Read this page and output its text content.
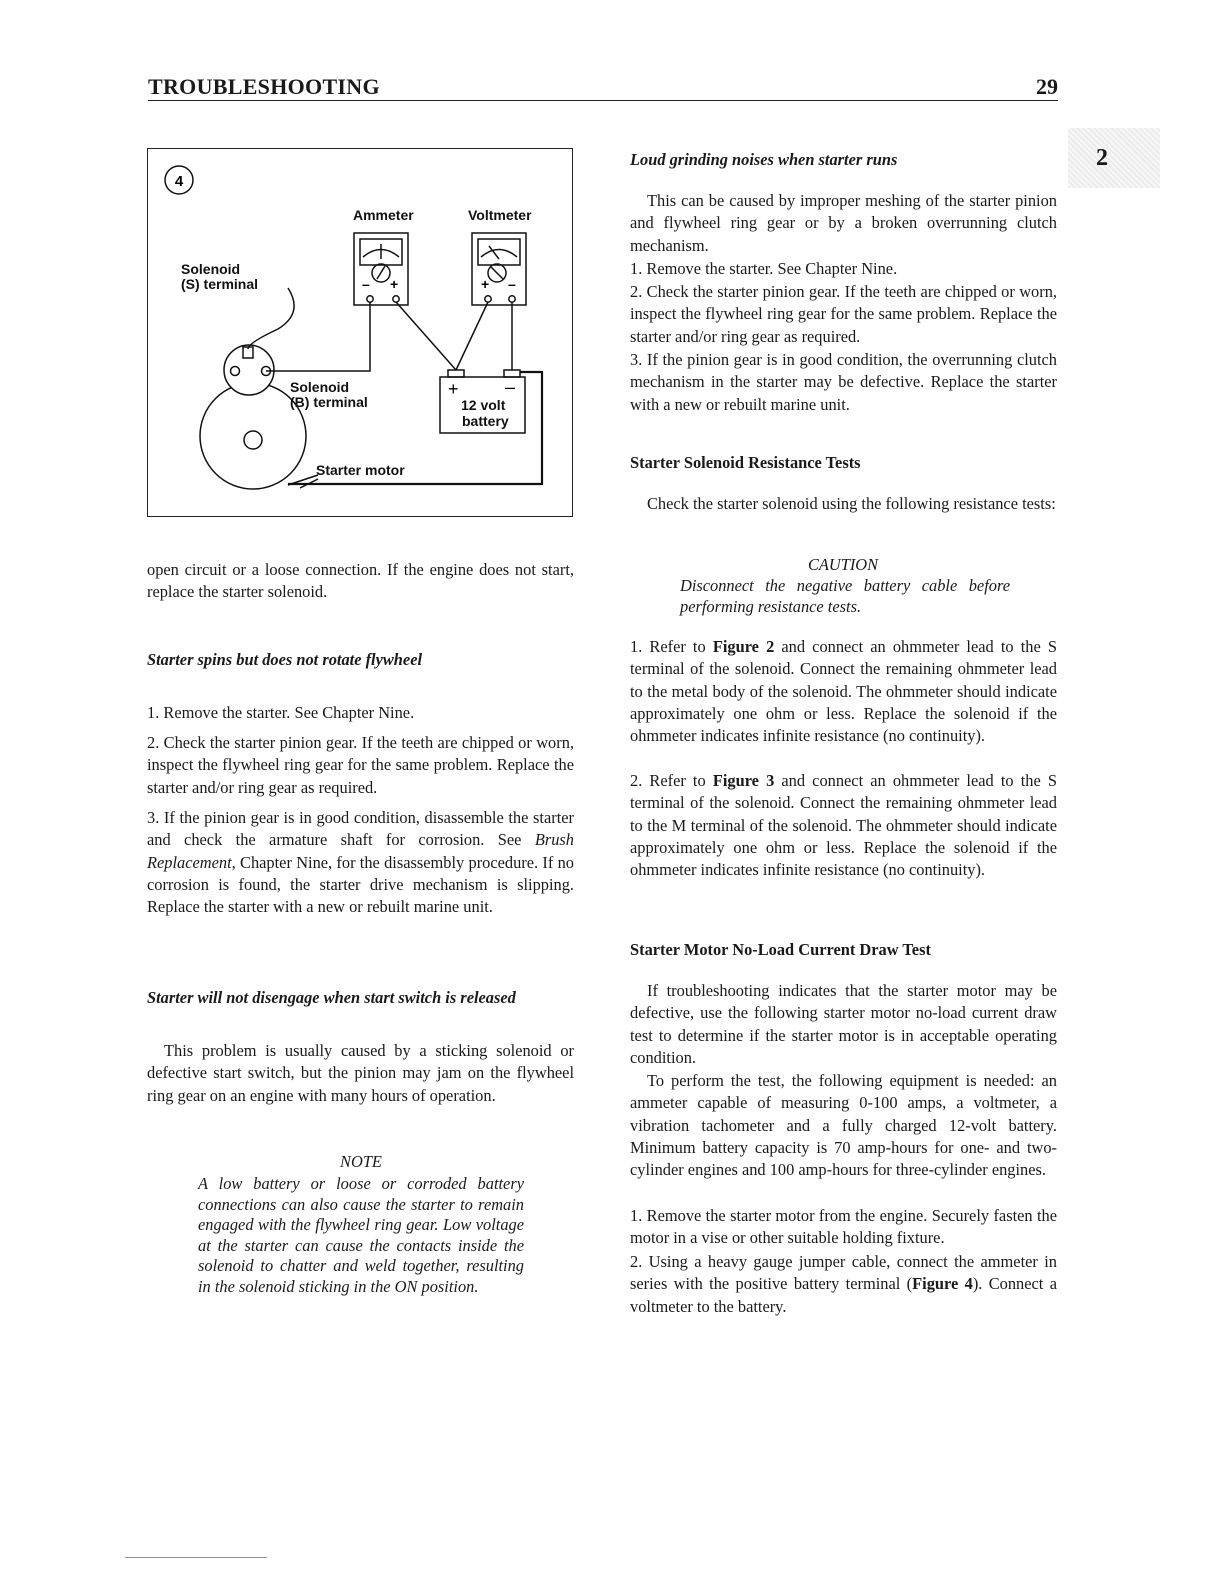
TROUBLESHOOTING	29
2
– +	+ –
+	–
4
Ammeter	Voltmeter
Solenoid
(S) terminal
Solenoid
(B) terminal	12 volt
battery
Starter motor
open circuit or a loose connection. If the engine does not start, replace the starter solenoid.
Starter spins but does not rotate flywheel
1. Remove the starter. See Chapter Nine.
2. Check the starter pinion gear. If the teeth are chipped or worn, inspect the flywheel ring gear for the same problem. Replace the starter and/or ring gear as required.
3. If the pinion gear is in good condition, disassemble the starter and check the armature shaft for corrosion. See Brush Replacement, Chapter Nine, for the disassembly procedure. If no corrosion is found, the starter drive mechanism is slipping. Replace the starter with a new or rebuilt marine unit.
Starter will not disengage when start switch is released
This problem is usually caused by a sticking solenoid or defective start switch, but the pinion may jam on the flywheel ring gear on an engine with many hours of operation.
NOTE
A low battery or loose or corroded battery connections can also cause the starter to remain engaged with the flywheel ring gear. Low voltage at the starter can cause the contacts inside the solenoid to chatter and weld together, resulting in the solenoid sticking in the ON position.
Loud grinding noises when starter runs
This can be caused by improper meshing of the starter pinion and flywheel ring gear or by a broken overrunning clutch mechanism.
1. Remove the starter. See Chapter Nine.
2. Check the starter pinion gear. If the teeth are chipped or worn, inspect the flywheel ring gear for the same problem. Replace the starter and/or ring gear as required.
3. If the pinion gear is in good condition, the overrunning clutch mechanism in the starter may be defective. Replace the starter with a new or rebuilt marine unit.
Starter Solenoid Resistance Tests
Check the starter solenoid using the following resistance tests:
CAUTION
Disconnect the negative battery cable before performing resistance tests.
1. Refer to Figure 2 and connect an ohmmeter lead to the S terminal of the solenoid. Connect the remaining ohmmeter lead to the metal body of the solenoid. The ohmmeter should indicate approximately one ohm or less. Replace the solenoid if the ohmmeter indicates infinite resistance (no continuity).
2. Refer to Figure 3 and connect an ohmmeter lead to the S terminal of the solenoid. Connect the remaining ohmmeter lead to the M terminal of the solenoid. The ohmmeter should indicate approximately one ohm or less. Replace the solenoid if the ohmmeter indicates infinite resistance (no continuity).
Starter Motor No-Load Current Draw Test
If troubleshooting indicates that the starter motor may be defective, use the following starter motor no-load current draw test to determine if the starter motor is in acceptable operating condition.
To perform the test, the following equipment is needed: an ammeter capable of measuring 0-100 amps, a voltmeter, a vibration tachometer and a fully charged 12-volt battery. Minimum battery capacity is 70 amp-hours for one- and two-cylinder engines and 100 amp-hours for three-cylinder engines.
1. Remove the starter motor from the engine. Securely fasten the motor in a vise or other suitable holding fixture.
2. Using a heavy gauge jumper cable, connect the ammeter in series with the positive battery terminal (Figure 4). Connect a voltmeter to the battery.
